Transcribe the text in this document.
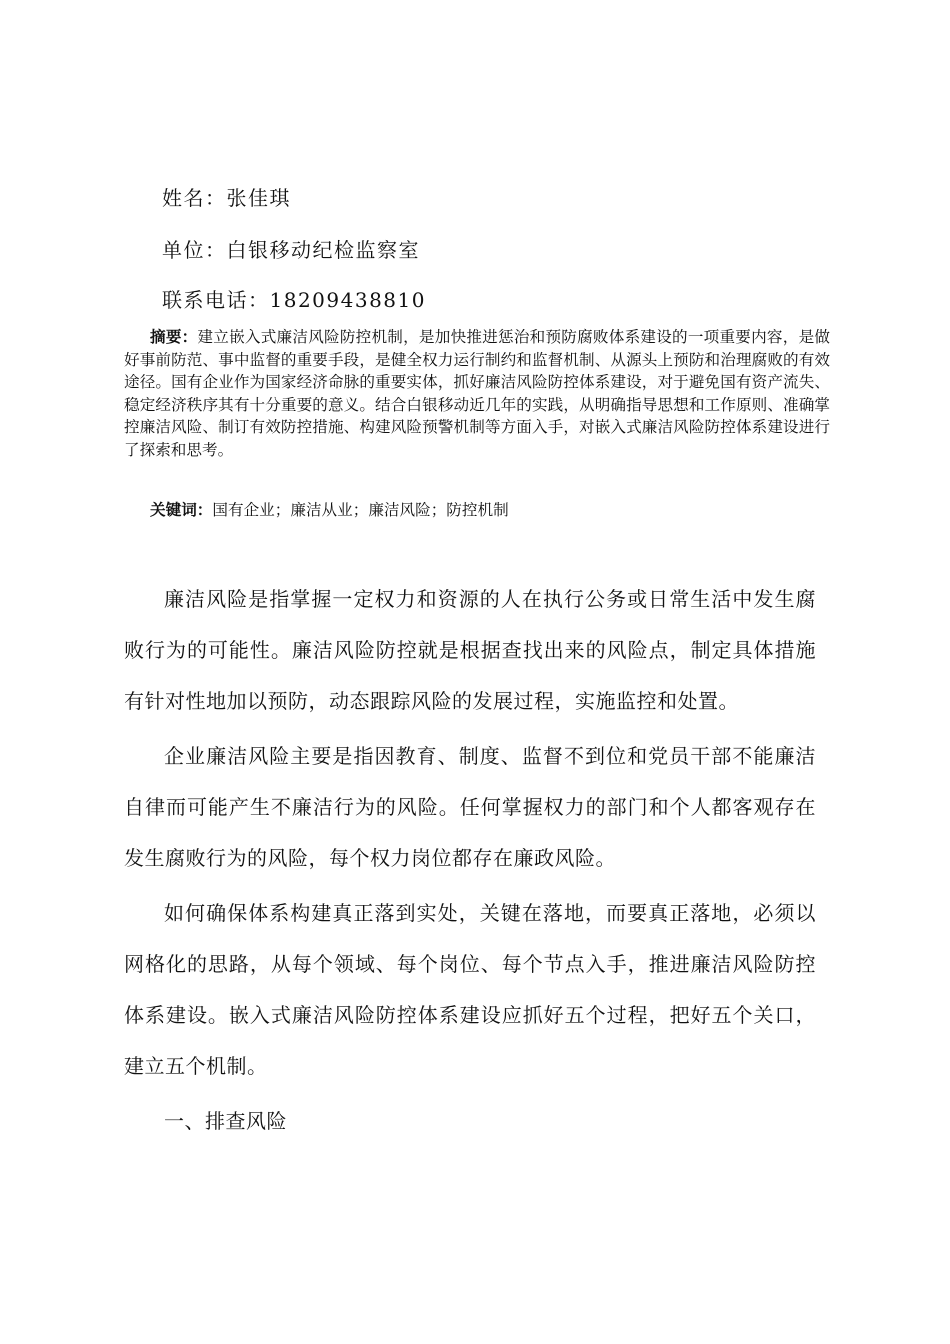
姓名：张佳琪
单位：白银移动纪检监察室
联系电话：18209438810
摘要：建立嵌入式廉洁风险防控机制，是加快推进惩治和预防腐败体系建设的一项重要内容，是做好事前防范、事中监督的重要手段，是健全权力运行制约和监督机制、从源头上预防和治理腐败的有效途径。国有企业作为国家经济命脉的重要实体，抓好廉洁风险防控体系建设，对于避免国有资产流失、稳定经济秩序其有十分重要的意义。结合白银移动近几年的实践，从明确指导思想和工作原则、准确掌控廉洁风险、制订有效防控措施、构建风险预警机制等方面入手，对嵌入式廉洁风险防控体系建设进行了探索和思考。
关键词：国有企业；廉洁从业；廉洁风险；防控机制

廉洁风险是指掌握一定权力和资源的人在执行公务或日常生活中发生腐败行为的可能性。廉洁风险防控就是根据查找出来的风险点，制定具体措施有针对性地加以预防，动态跟踪风险的发展过程，实施监控和处置。

企业廉洁风险主要是指因教育、制度、监督不到位和党员干部不能廉洁自律而可能产生不廉洁行为的风险。任何掌握权力的部门和个人都客观存在发生腐败行为的风险，每个权力岗位都存在廉政风险。

如何确保体系构建真正落到实处，关键在落地，而要真正落地，必须以网格化的思路，从每个领域、每个岗位、每个节点入手，推进廉洁风险防控体系建设。嵌入式廉洁风险防控体系建设应抓好五个过程，把好五个关口，建立五个机制。

一、排查风险
